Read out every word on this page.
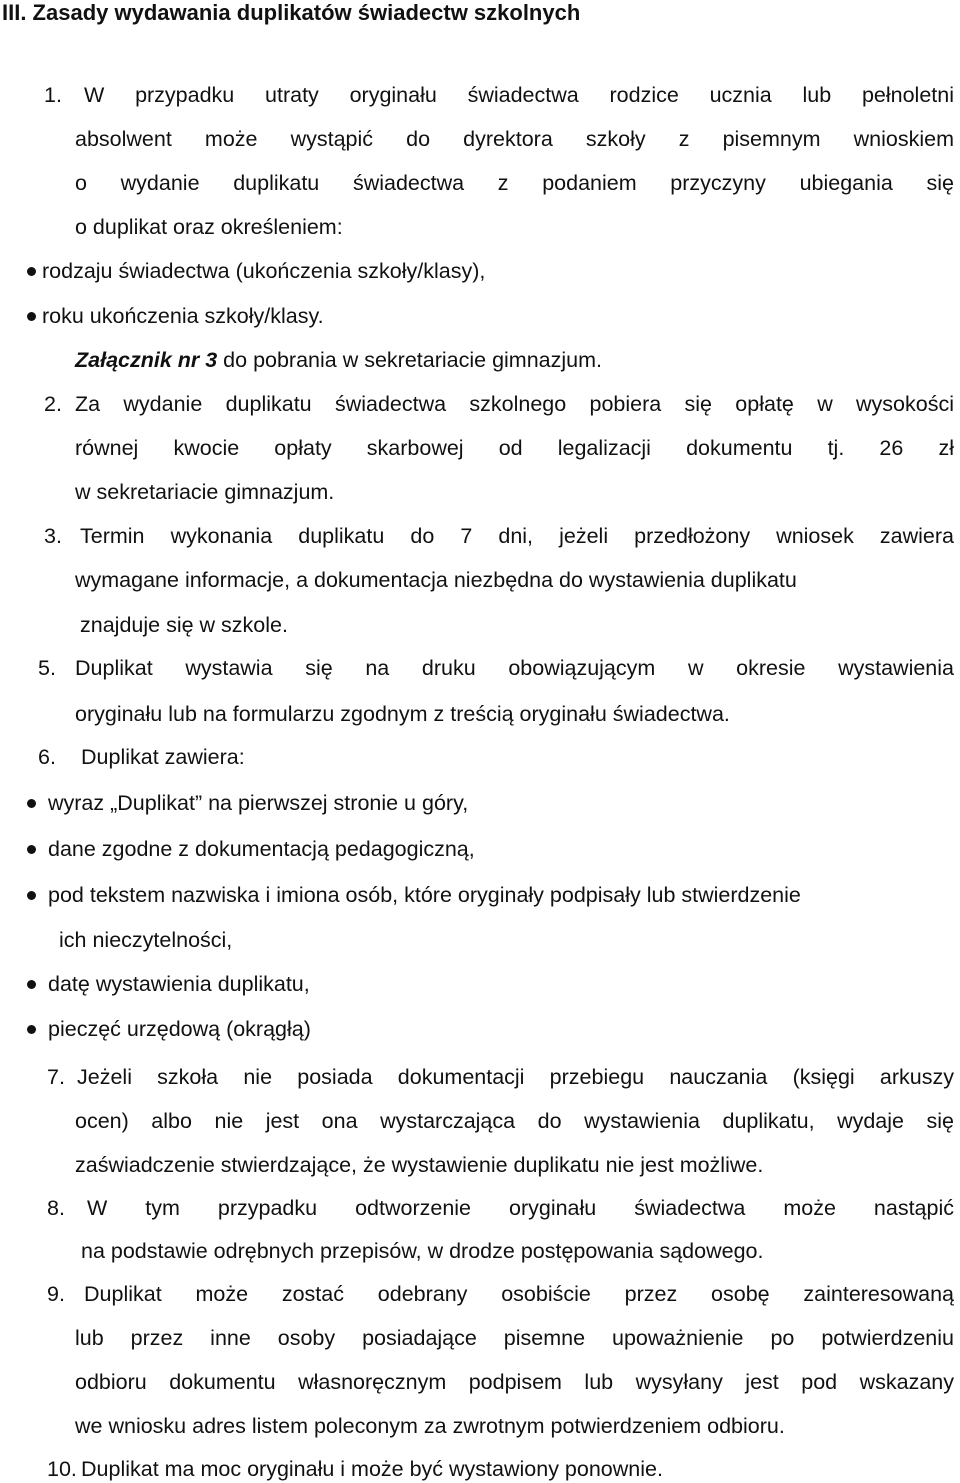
III. Zasady wydawania duplikatów świadectw szkolnych
1. W przypadku utraty oryginału świadectwa rodzice ucznia lub pełnoletni
absolwent może wystąpić do dyrektora szkoły z pisemnym wnioskiem
o wydanie duplikatu świadectwa z podaniem przyczyny ubiegania się
o duplikat oraz określeniem:
rodzaju świadectwa (ukończenia szkoły/klasy),
roku ukończenia szkoły/klasy.
Załącznik nr 3 do pobrania w sekretariacie gimnazjum.
2. Za wydanie duplikatu świadectwa szkolnego pobiera się opłatę w wysokości
równej kwocie opłaty skarbowej od legalizacji dokumentu tj. 26 zł
w sekretariacie gimnazjum.
3. Termin wykonania duplikatu do 7 dni, jeżeli przedłożony wniosek zawiera
wymagane informacje, a dokumentacja niezbędna do wystawienia duplikatu
znajduje się w szkole.
5. Duplikat wystawia się na druku obowiązującym w okresie wystawienia
oryginału lub na formularzu zgodnym z treścią oryginału świadectwa.
6. Duplikat zawiera:
wyraz „Duplikat” na pierwszej stronie u góry,
dane zgodne z dokumentacją pedagogiczną,
pod tekstem nazwiska i imiona osób, które oryginały podpisały lub stwierdzenie
ich nieczytelności,
datę wystawienia duplikatu,
pieczęć urzędową (okrągłą)
7. Jeżeli szkoła nie posiada dokumentacji przebiegu nauczania (księgi arkuszy
ocen) albo nie jest ona wystarczająca do wystawienia duplikatu, wydaje się
zaświadczenie stwierdzające, że wystawienie duplikatu nie jest możliwe.
8. W tym przypadku odtworzenie oryginału świadectwa może nastąpić
na podstawie odrębnych przepisów, w drodze postępowania sądowego.
9. Duplikat może zostać odebrany osobiście przez osobę zainteresowaną
lub przez inne osoby posiadające pisemne upoważnienie po potwierdzeniu
odbioru dokumentu własnoręcznym podpisem lub wysyłany jest pod wskazany
we wniosku adres listem poleconym za zwrotnym potwierdzeniem odbioru.
10. Duplikat ma moc oryginału i może być wystawiony ponownie.
